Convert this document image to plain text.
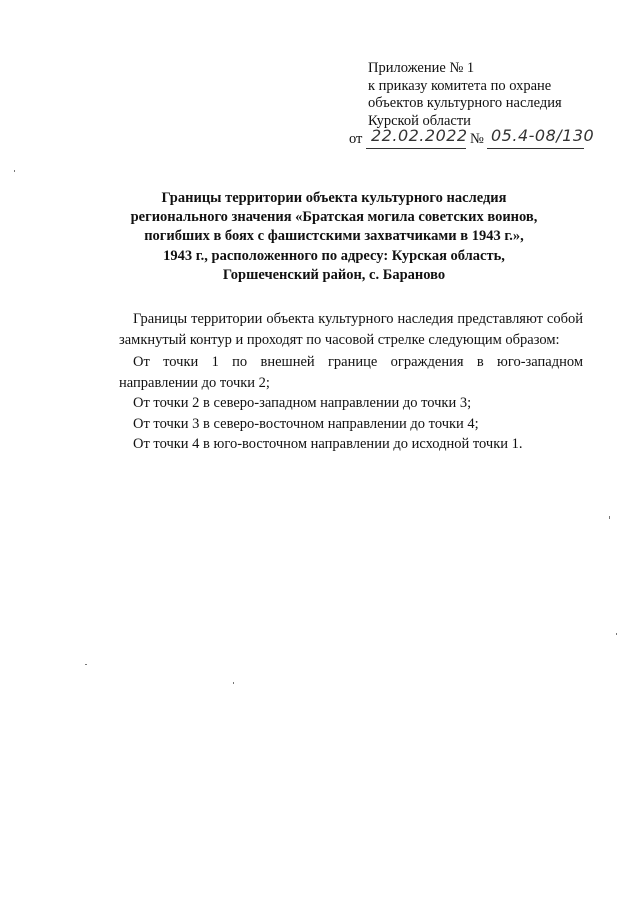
Приложение № 1
к приказу комитета по охране
объектов культурного наследия
Курской области
от 22.02.2022 № 05.4-08/130
Границы территории объекта культурного наследия
регионального значения «Братская могила советских воинов,
погибших в боях с фашистскими захватчиками в 1943 г.»,
1943 г., расположенного по адресу: Курская область,
Горшеченский район, с. Бараново

Границы территории объекта культурного наследия представляют собой замкнутый контур и проходят по часовой стрелке следующим образом:

От точки 1 по внешней границе ограждения в юго-западном направлении до точки 2;

От точки 2 в северо-западном направлении до точки 3;

От точки 3 в северо-восточном направлении до точки 4;

От точки 4 в юго-восточном направлении до исходной точки 1.
